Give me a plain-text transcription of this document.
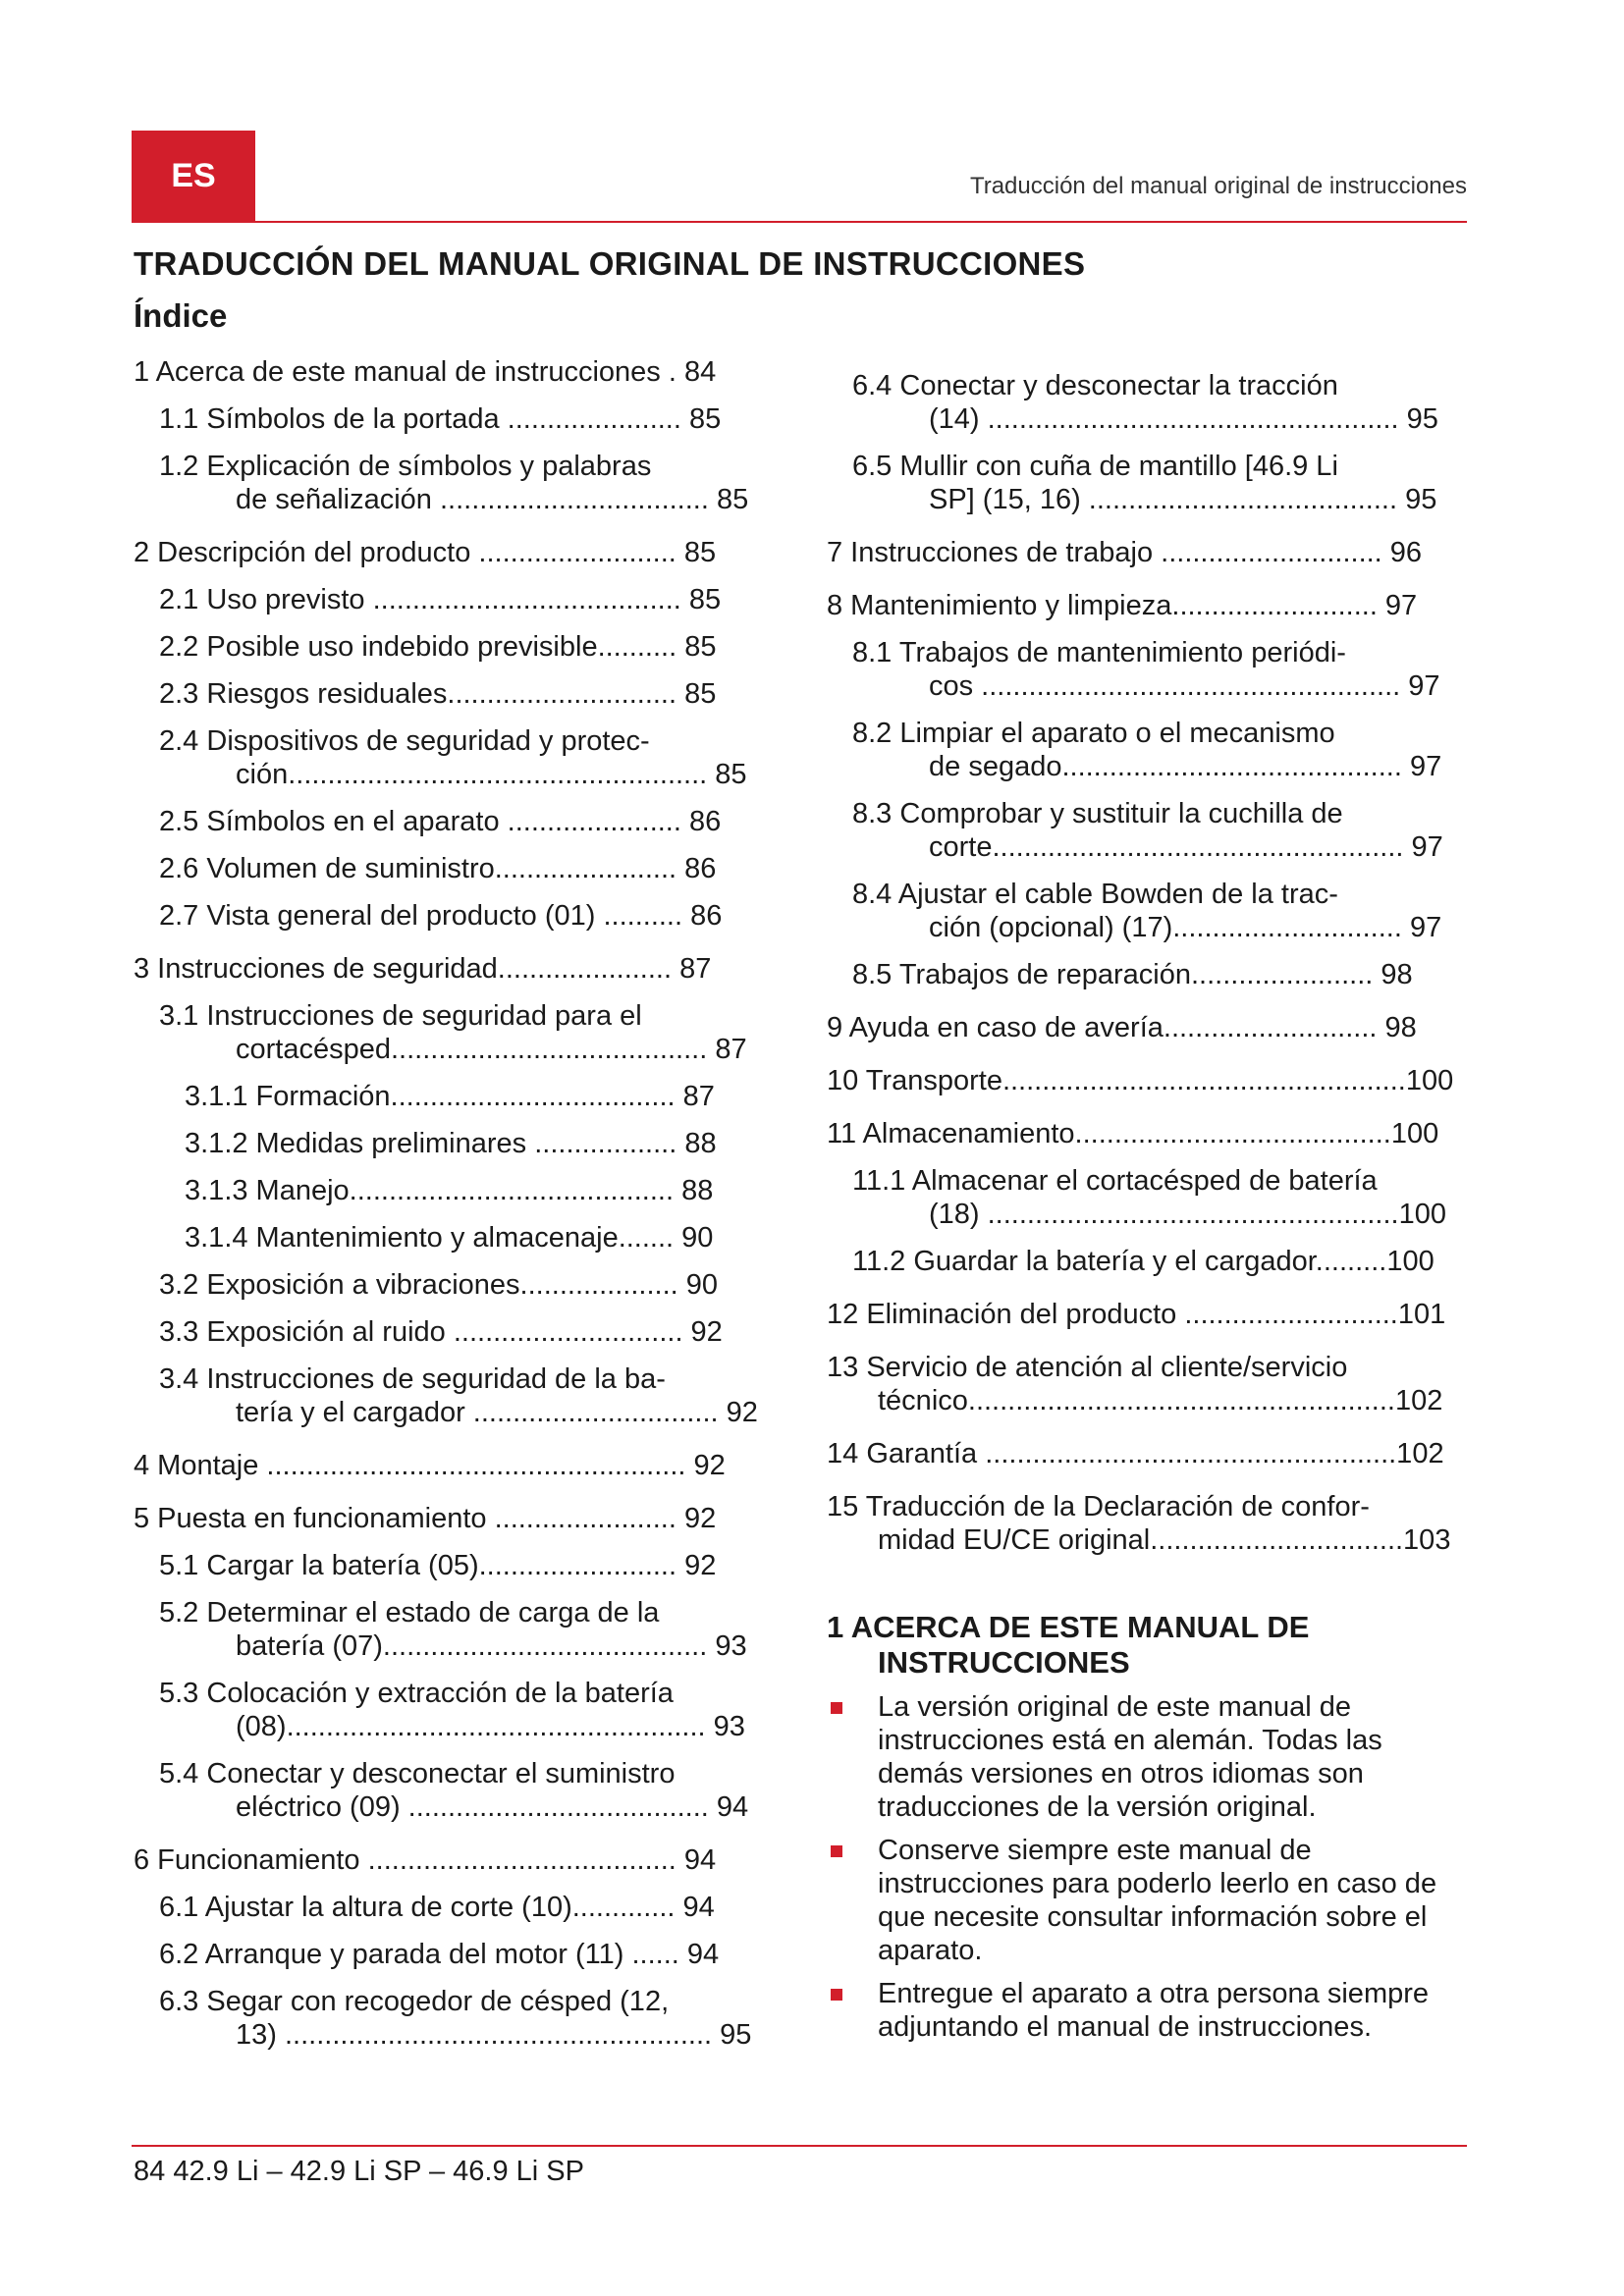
ES	Traducción del manual original de instrucciones
TRADUCCIÓN DEL MANUAL ORIGINAL DE INSTRUCCIONES
Índice
1 Acerca de este manual de instrucciones . 84
1.1 Símbolos de la portada ...................... 85
1.2 Explicación de símbolos y palabras
de señalización .................................. 85
2 Descripción del producto ......................... 85
2.1 Uso previsto ....................................... 85
2.2 Posible uso indebido previsible.......... 85
2.3 Riesgos residuales............................. 85
2.4 Dispositivos de seguridad y protec-
ción..................................................... 85
2.5 Símbolos en el aparato ...................... 86
2.6 Volumen de suministro....................... 86
2.7 Vista general del producto (01) .......... 86
3 Instrucciones de seguridad...................... 87
3.1 Instrucciones de seguridad para el
cortacésped........................................ 87
3.1.1 Formación.................................... 87
3.1.2 Medidas preliminares .................. 88
3.1.3 Manejo......................................... 88
3.1.4 Mantenimiento y almacenaje....... 90
3.2 Exposición a vibraciones.................... 90
3.3 Exposición al ruido ............................. 92
3.4 Instrucciones de seguridad de la ba-
tería y el cargador ............................... 92
4 Montaje ..................................................... 92
5 Puesta en funcionamiento ....................... 92
5.1 Cargar la batería (05)......................... 92
5.2 Determinar el estado de carga de la
batería (07)......................................... 93
5.3 Colocación y extracción de la batería
(08)..................................................... 93
5.4 Conectar y desconectar el suministro
eléctrico (09) ...................................... 94
6 Funcionamiento ....................................... 94
6.1 Ajustar la altura de corte (10)............. 94
6.2 Arranque y parada del motor (11) ...... 94
6.3 Segar con recogedor de césped (12,
13) ...................................................... 95
6.4 Conectar y desconectar la tracción
(14) .................................................... 95
6.5 Mullir con cuña de mantillo [46.9 Li
SP] (15, 16) ....................................... 95
7 Instrucciones de trabajo ............................ 96
8 Mantenimiento y limpieza.......................... 97
8.1 Trabajos de mantenimiento periódi-
cos ..................................................... 97
8.2 Limpiar el aparato o el mecanismo
de segado........................................... 97
8.3 Comprobar y sustituir la cuchilla de
corte.................................................... 97
8.4 Ajustar el cable Bowden de la trac-
ción (opcional) (17)............................. 97
8.5 Trabajos de reparación....................... 98
9 Ayuda en caso de avería........................... 98
10 Transporte...................................................100
11 Almacenamiento........................................100
11.1 Almacenar el cortacésped de batería
(18) ....................................................100
11.2 Guardar la batería y el cargador.........100
12 Eliminación del producto ...........................101
13 Servicio de atención al cliente/servicio
técnico......................................................102
14 Garantía ....................................................102
15 Traducción de la Declaración de confor-
midad EU/CE original................................103
1 ACERCA DE ESTE MANUAL DE
INSTRUCCIONES
La versión original de este manual de instrucciones está en alemán. Todas las demás versiones en otros idiomas son traducciones de la versión original.
Conserve siempre este manual de instrucciones para poderlo leerlo en caso de que necesite consultar información sobre el aparato.
Entregue el aparato a otra persona siempre adjuntando el manual de instrucciones.
84 42.9 Li – 42.9 Li SP – 46.9 Li SP
